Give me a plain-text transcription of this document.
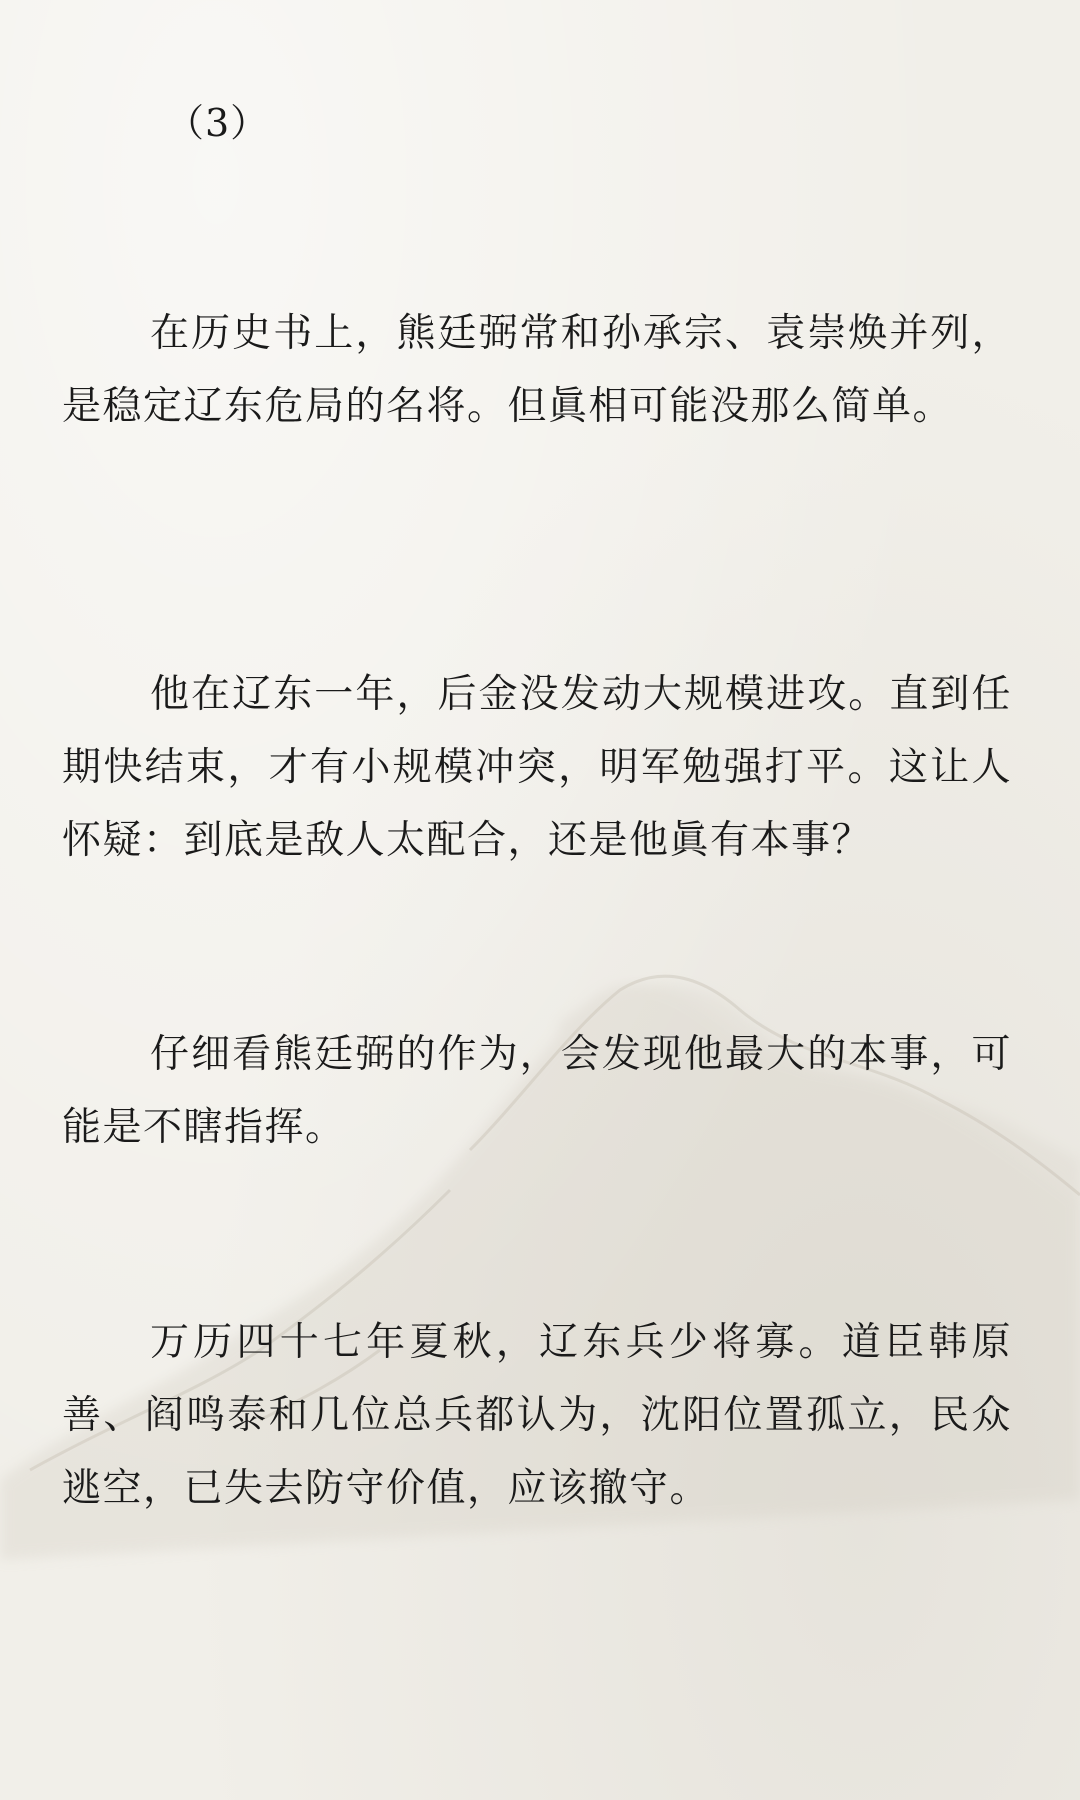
（3）

在历史书上，熊廷弼常和孙承宗、袁崇焕并列，是稳定辽东危局的名将。但眞相可能没那么简单。

他在辽东一年，后金没发动大规模进攻。直到任期快结束，才有小规模冲突，明军勉强打平。这让人怀疑：到底是敌人太配合，还是他眞有本事？

仔细看熊廷弼的作为，会发现他最大的本事，可能是不瞎指挥。

万历四十七年夏秋，辽东兵少将寡。道臣韩原善、阎鸣泰和几位总兵都认为，沈阳位置孤立，民众逃空，已失去防守价值，应该撤守。
